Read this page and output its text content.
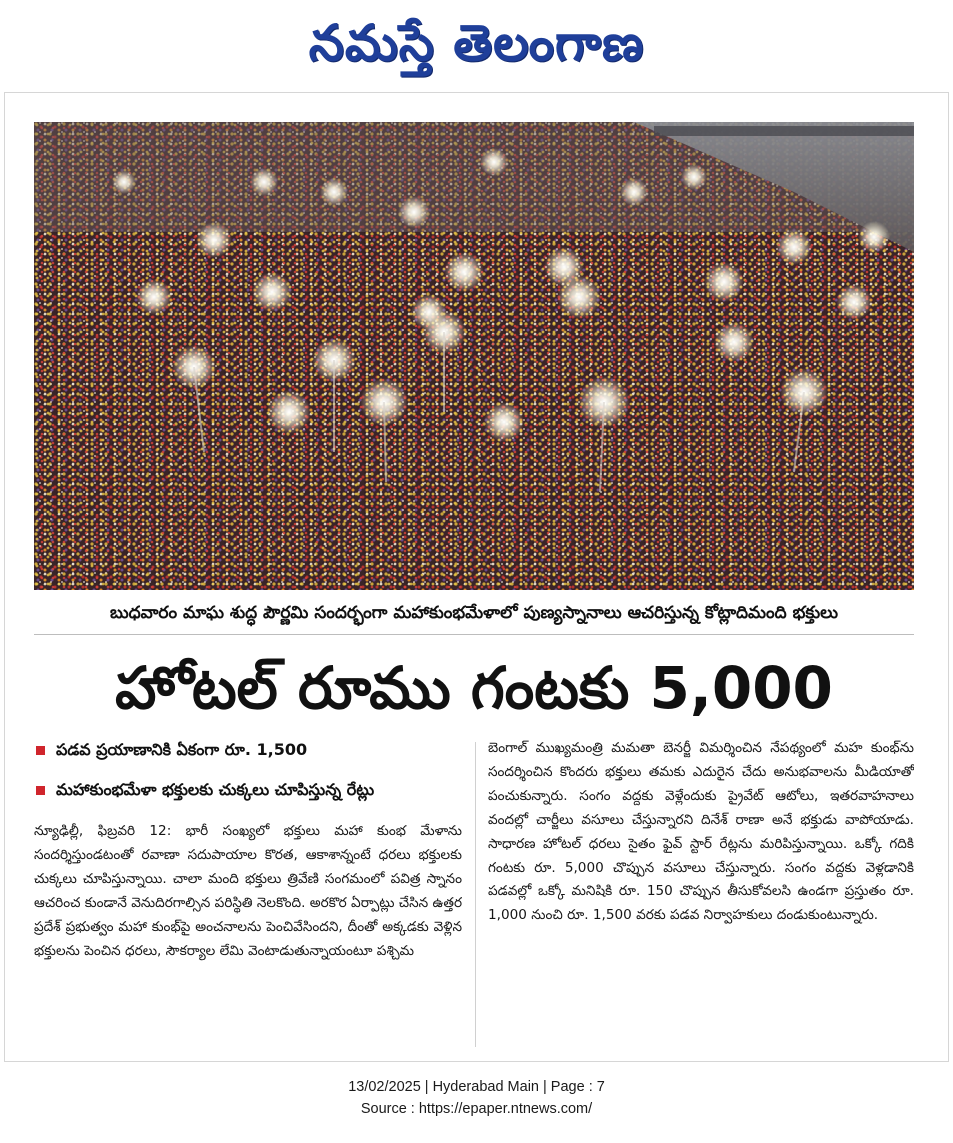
నమస్తే తెలంగాణ
బుధవారం మాఘ శుద్ధ పౌర్ణమి సందర్భంగా మహాకుంభమేళాలో పుణ్యస్నానాలు ఆచరిస్తున్న కోట్లాదిమంది భక్తులు
హోటల్ రూము గంటకు 5,000
పడవ ప్రయాణానికి ఏకంగా రూ. 1,500
మహాకుంభమేళా భక్తులకు చుక్కలు చూపిస్తున్న రేట్లు
న్యూఢిల్లీ, ఫిబ్రవరి 12: భారీ సంఖ్యలో భక్తులు మహా కుంభ మేళాను సందర్శిస్తుండటంతో రవాణా సదుపాయాల కొరత, ఆకాశాన్నంటే ధరలు భక్తులకు చుక్కలు చూపిస్తున్నాయి. చాలా మంది భక్తులు త్రివేణి సంగమంలో పవిత్ర స్నానం ఆచరించ కుండానే వెనుదిరగాల్సిన పరిస్థితి నెలకొంది. అరకొర ఏర్పాట్లు చేసిన ఉత్తర ప్రదేశ్ ప్రభుత్వం మహా కుంభ్‌పై అంచనాలను పెంచివేసిందని, దీంతో అక్కడకు వెళ్లిన భక్తులను పెంచిన ధరలు, సౌకర్యాల లేమి వెంటాడుతున్నాయంటూ పశ్చిమ
బెంగాల్ ముఖ్యమంత్రి మమతా బెనర్జీ విమర్శించిన నేపథ్యంలో మహ కుంభ్‌ను సందర్శించిన కొందరు భక్తులు తమకు ఎదురైన చేదు అనుభవాలను మీడియాతో పంచుకున్నారు. సంగం వద్దకు వెళ్లేందుకు ప్రైవేట్ ఆటోలు, ఇతరవాహనాలు వందల్లో చార్జీలు వసూలు చేస్తున్నారని దినేశ్ రాణా అనే భక్తుడు వాపోయాడు. సాధారణ హోటల్ ధరలు సైతం ఫైవ్ స్టార్ రేట్లను మరిపిస్తున్నాయి. ఒక్కో గదికి గంటకు రూ. 5,000 చొప్పున వసూలు చేస్తున్నారు. సంగం వద్దకు వెళ్లడానికి పడవల్లో ఒక్కో మనిషికి రూ. 150 చొప్పున తీసుకోవలసి ఉండగా ప్రస్తుతం రూ. 1,000 నుంచి రూ. 1,500 వరకు పడవ నిర్వాహకులు దండుకుంటున్నారు.
13/02/2025 | Hyderabad Main | Page : 7
Source : https://epaper.ntnews.com/
